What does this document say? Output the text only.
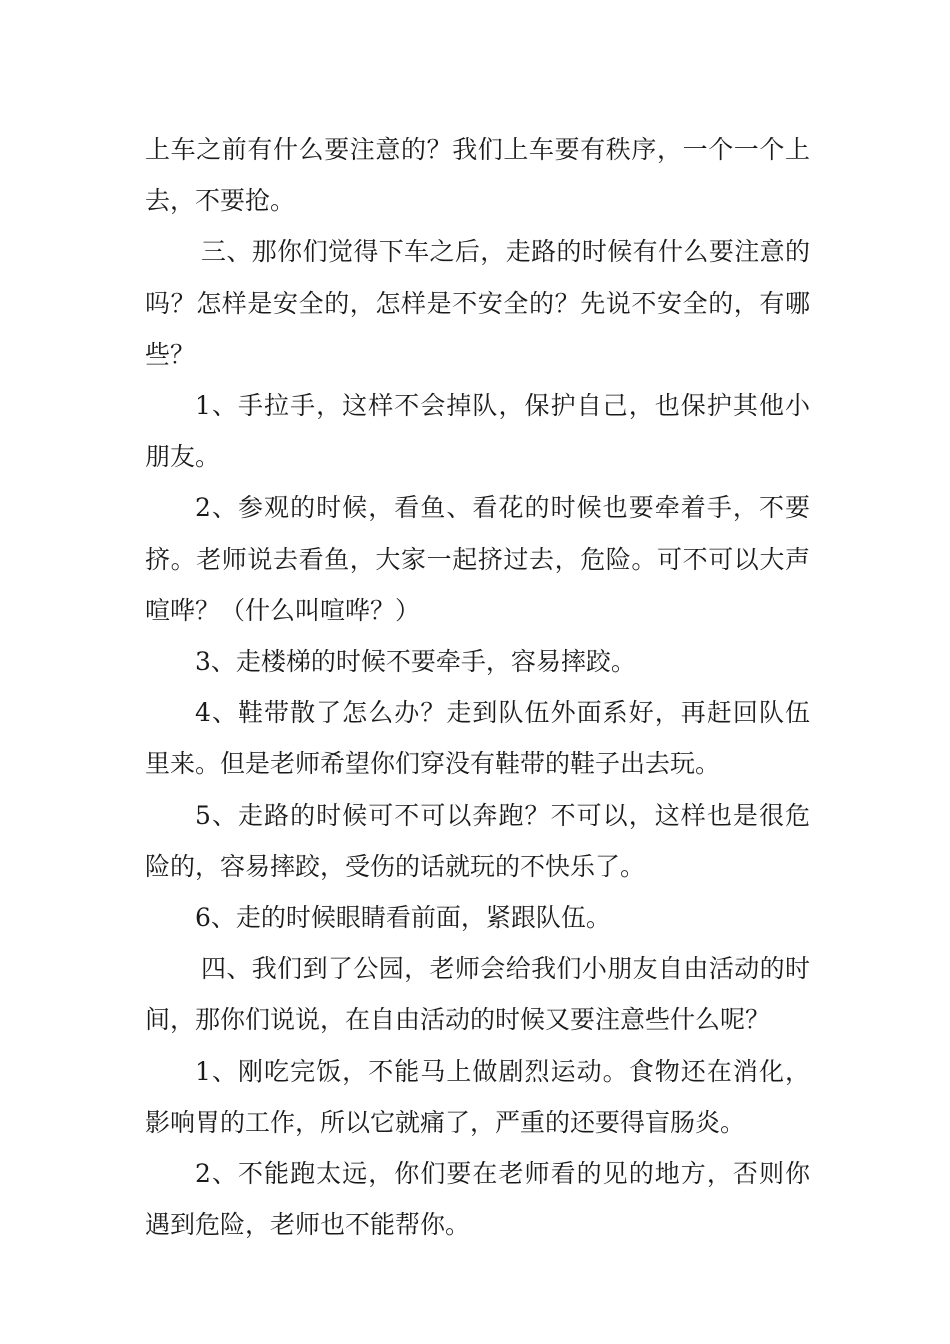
上车之前有什么要注意的？我们上车要有秩序，一个一个上去，不要抢。

三、那你们觉得下车之后，走路的时候有什么要注意的吗？怎样是安全的，怎样是不安全的？先说不安全的，有哪些？

1、手拉手，这样不会掉队，保护自己，也保护其他小朋友。

2、参观的时候，看鱼、看花的时候也要牵着手，不要挤。老师说去看鱼，大家一起挤过去，危险。可不可以大声喧哗？（什么叫喧哗？）

3、走楼梯的时候不要牵手，容易摔跤。

4、鞋带散了怎么办？走到队伍外面系好，再赶回队伍里来。但是老师希望你们穿没有鞋带的鞋子出去玩。

5、走路的时候可不可以奔跑？不可以，这样也是很危险的，容易摔跤，受伤的话就玩的不快乐了。

6、走的时候眼睛看前面，紧跟队伍。

四、我们到了公园，老师会给我们小朋友自由活动的时间，那你们说说，在自由活动的时候又要注意些什么呢？

1、刚吃完饭，不能马上做剧烈运动。食物还在消化，影响胃的工作，所以它就痛了，严重的还要得盲肠炎。

2、不能跑太远，你们要在老师看的见的地方，否则你遇到危险，老师也不能帮你。
